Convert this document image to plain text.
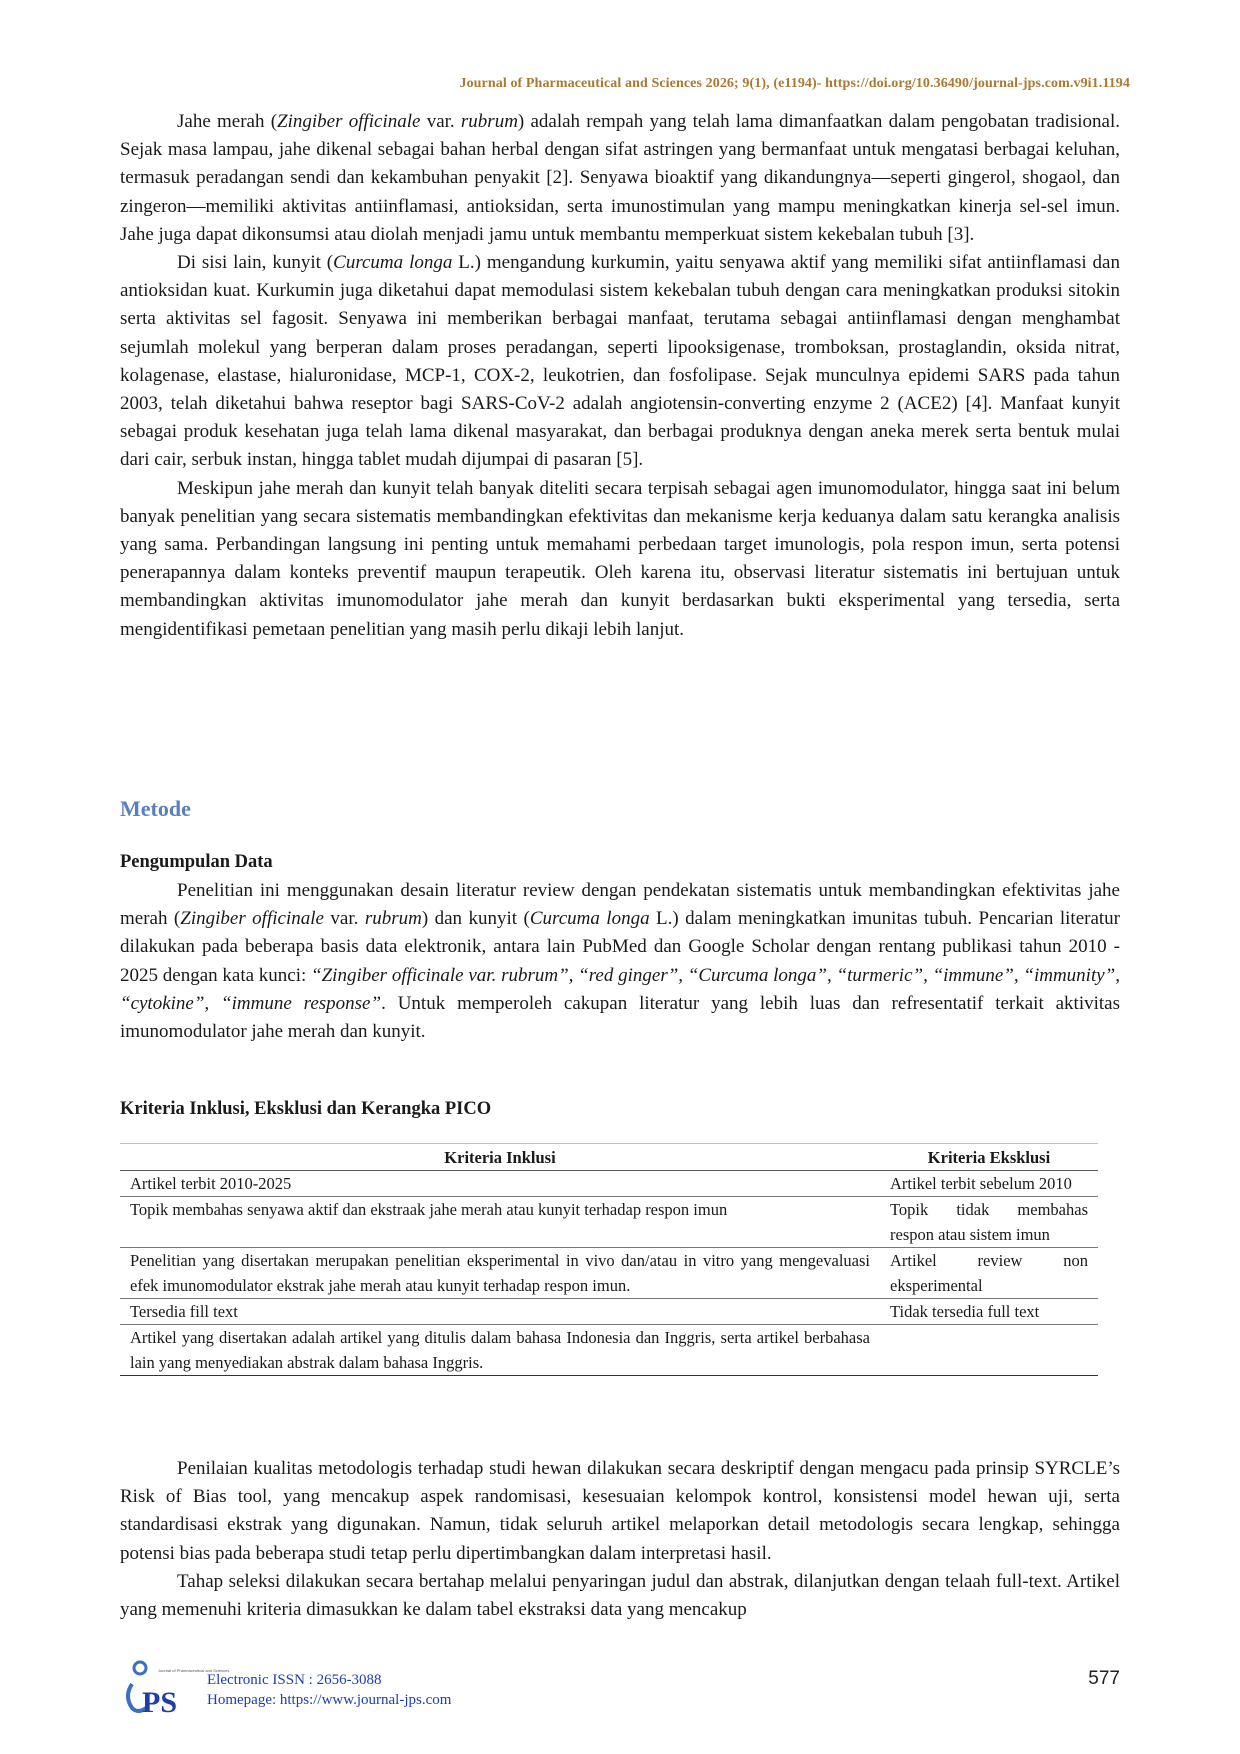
Journal of Pharmaceutical and Sciences 2026; 9(1), (e1194)- https://doi.org/10.36490/journal-jps.com.v9i1.1194

Jahe merah (Zingiber officinale var. rubrum) adalah rempah yang telah lama dimanfaatkan dalam pengobatan tradisional. Sejak masa lampau, jahe dikenal sebagai bahan herbal dengan sifat astringen yang bermanfaat untuk mengatasi berbagai keluhan, termasuk peradangan sendi dan kekambuhan penyakit [2]. Senyawa bioaktif yang dikandungnya—seperti gingerol, shogaol, dan zingeron—memiliki aktivitas antiinflamasi, antioksidan, serta imunostimulan yang mampu meningkatkan kinerja sel-sel imun. Jahe juga dapat dikonsumsi atau diolah menjadi jamu untuk membantu memperkuat sistem kekebalan tubuh [3].

Di sisi lain, kunyit (Curcuma longa L.) mengandung kurkumin, yaitu senyawa aktif yang memiliki sifat antiinflamasi dan antioksidan kuat. Kurkumin juga diketahui dapat memodulasi sistem kekebalan tubuh dengan cara meningkatkan produksi sitokin serta aktivitas sel fagosit. Senyawa ini memberikan berbagai manfaat, terutama sebagai antiinflamasi dengan menghambat sejumlah molekul yang berperan dalam proses peradangan, seperti lipooksigenase, tromboksan, prostaglandin, oksida nitrat, kolagenase, elastase, hialuronidase, MCP-1, COX-2, leukotrien, dan fosfolipase. Sejak munculnya epidemi SARS pada tahun 2003, telah diketahui bahwa reseptor bagi SARS-CoV-2 adalah angiotensin-converting enzyme 2 (ACE2) [4]. Manfaat kunyit sebagai produk kesehatan juga telah lama dikenal masyarakat, dan berbagai produknya dengan aneka merek serta bentuk mulai dari cair, serbuk instan, hingga tablet mudah dijumpai di pasaran [5].

Meskipun jahe merah dan kunyit telah banyak diteliti secara terpisah sebagai agen imunomodulator, hingga saat ini belum banyak penelitian yang secara sistematis membandingkan efektivitas dan mekanisme kerja keduanya dalam satu kerangka analisis yang sama. Perbandingan langsung ini penting untuk memahami perbedaan target imunologis, pola respon imun, serta potensi penerapannya dalam konteks preventif maupun terapeutik. Oleh karena itu, observasi literatur sistematis ini bertujuan untuk membandingkan aktivitas imunomodulator jahe merah dan kunyit berdasarkan bukti eksperimental yang tersedia, serta mengidentifikasi pemetaan penelitian yang masih perlu dikaji lebih lanjut.

Metode
Pengumpulan Data

Penelitian ini menggunakan desain literatur review dengan pendekatan sistematis untuk membandingkan efektivitas jahe merah (Zingiber officinale var. rubrum) dan kunyit (Curcuma longa L.) dalam meningkatkan imunitas tubuh. Pencarian literatur dilakukan pada beberapa basis data elektronik, antara lain PubMed dan Google Scholar dengan rentang publikasi tahun 2010 - 2025 dengan kata kunci: “Zingiber officinale var. rubrum”, “red ginger”, “Curcuma longa”, “turmeric”, “immune”, “immunity”, “cytokine”, “immune response”. Untuk memperoleh cakupan literatur yang lebih luas dan refresentatif terkait aktivitas imunomodulator jahe merah dan kunyit.

Kriteria Inklusi, Eksklusi dan Kerangka PICO
Kriteria Inklusi	Kriteria Eksklusi
Artikel terbit 2010-2025	Artikel terbit sebelum 2010
Topik membahas senyawa aktif dan ekstraak jahe merah atau kunyit terhadap respon imun	Topik tidak membahas respon atau sistem imun
Penelitian yang disertakan merupakan penelitian eksperimental in vivo dan/atau in vitro yang mengevaluasi efek imunomodulator ekstrak jahe merah atau kunyit terhadap respon imun.	Artikel review non eksperimental
Tersedia fill text	Tidak tersedia full text
Artikel yang disertakan adalah artikel yang ditulis dalam bahasa Indonesia dan Inggris, serta artikel berbahasa lain yang menyediakan abstrak dalam bahasa Inggris.	

Penilaian kualitas metodologis terhadap studi hewan dilakukan secara deskriptif dengan mengacu pada prinsip SYRCLE’s Risk of Bias tool, yang mencakup aspek randomisasi, kesesuaian kelompok kontrol, konsistensi model hewan uji, serta standardisasi ekstrak yang digunakan. Namun, tidak seluruh artikel melaporkan detail metodologis secara lengkap, sehingga potensi bias pada beberapa studi tetap perlu dipertimbangkan dalam interpretasi hasil.

Tahap seleksi dilakukan secara bertahap melalui penyaringan judul dan abstrak, dilanjutkan dengan telaah full-text. Artikel yang memenuhi kriteria dimasukkan ke dalam tabel ekstraksi data yang mencakup

PS
Journal of Pharmaceutical and Sciences
Electronic ISSN : 2656-3088
Homepage: https://www.journal-jps.com
577
